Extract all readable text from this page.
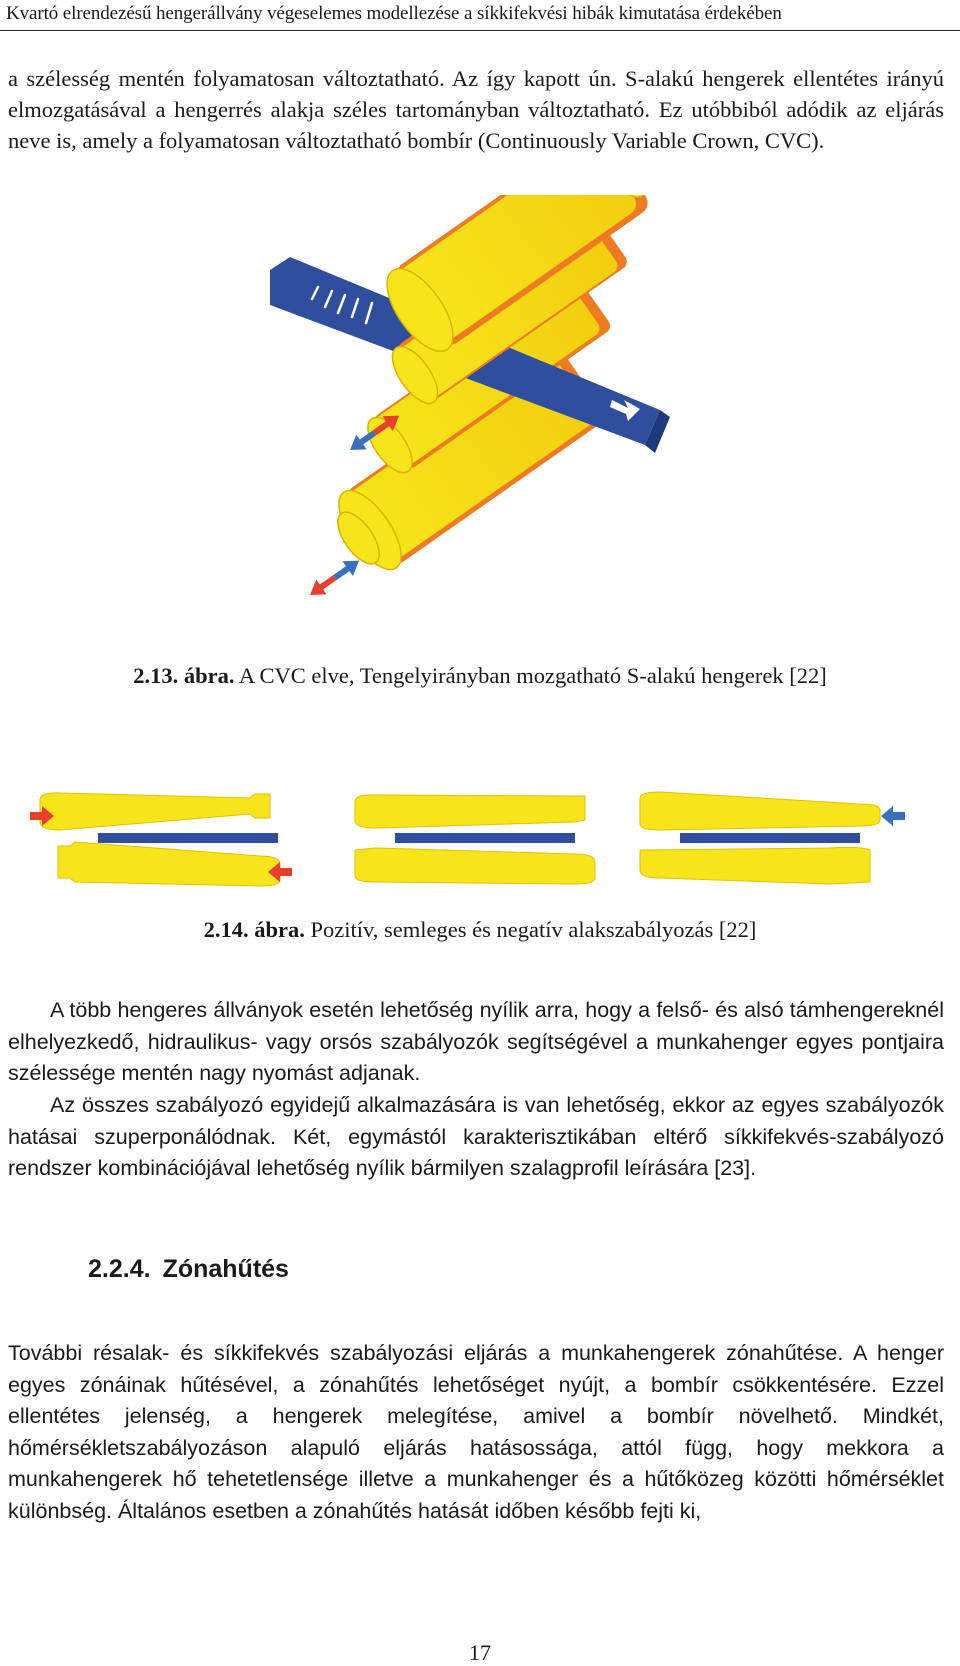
Kvartó elrendezésű hengerállvány végeselemes modellezése a síkkifekvési hibák kimutatása érdekében

a szélesség mentén folyamatosan változtatható. Az így kapott ún. S-alakú hengerek ellentétes irányú elmozgatásával a hengerrés alakja széles tartományban változtatható. Ez utóbbiból adódik az eljárás neve is, amely a folyamatosan változtatható bombír (Continuously Variable Crown, CVC).

2.13. ábra. A CVC elve, Tengelyirányban mozgatható S-alakú hengerek [22]
2.14. ábra. Pozitív, semleges és negatív alakszabályozás [22]

A több hengeres állványok esetén lehetőség nyílik arra, hogy a felső- és alsó támhengereknél elhelyezkedő, hidraulikus- vagy orsós szabályozók segítségével a munkahenger egyes pontjaira szélessége mentén nagy nyomást adjanak.

Az összes szabályozó egyidejű alkalmazására is van lehetőség, ekkor az egyes szabályozók hatásai szuperponálódnak. Két, egymástól karakterisztikában eltérő síkkifekvés-szabályozó rendszer kombinációjával lehetőség nyílik bármilyen szalagprofil leírására [23].

2.2.4. Zónahűtés

További résalak- és síkkifekvés szabályozási eljárás a munkahengerek zónahűtése. A henger egyes zónáinak hűtésével, a zónahűtés lehetőséget nyújt, a bombír csökkentésére. Ezzel ellentétes jelenség, a hengerek melegítése, amivel a bombír növelhető. Mindkét, hőmérsékletszabályozáson alapuló eljárás hatásossága, attól függ, hogy mekkora a munkahengerek hő tehetetlensége illetve a munkahenger és a hűtőközeg közötti hőmérséklet különbség. Általános esetben a zónahűtés hatását időben később fejti ki,

17
